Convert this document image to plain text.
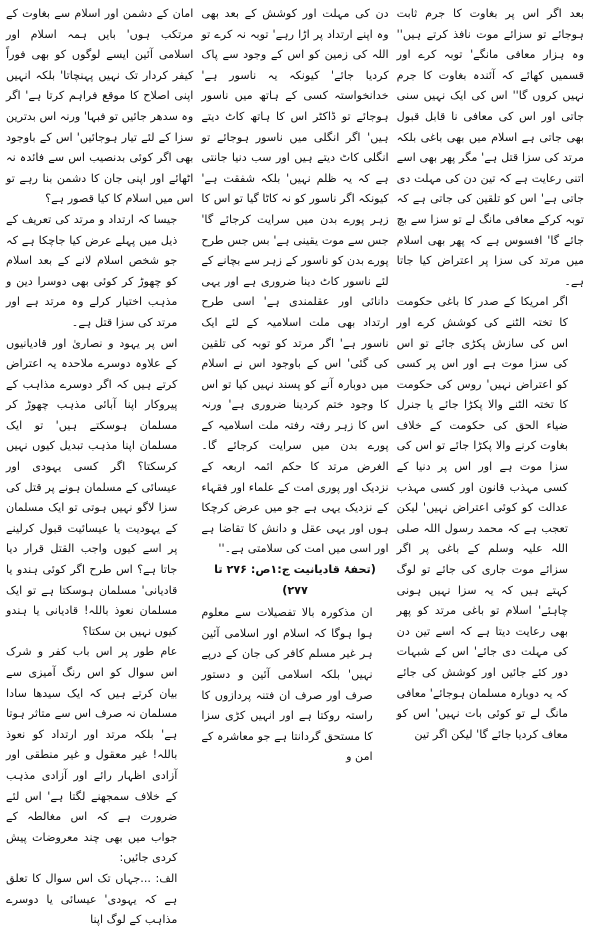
بعد اگر اس پر بغاوت کا جرم ثابت ہوجائے تو سزائے موت نافذ کرتے ہیں'' وہ ہزار معافی مانگے' توبہ کرے اور قسمیں کھائے کہ آئندہ بغاوت کا جرم نہیں کروں گا'' اس کی ایک نہیں سنی جاتی اور اس کی معافی نا قابل قبول بھی جاتی ہے اسلام میں بھی باغی بلکہ مرتد کی سزا قتل ہے' مگر پھر بھی اسے اتنی رعایت ہے کہ تین دن کی مہلت دی جاتی ہے' اس کو تلقین کی جاتی ہے کہ توبہ کرکے معافی مانگ لے تو سزا سے بچ جائے گا' افسوس ہے کہ پھر بھی اسلام میں مرتد کی سزا پر اعتراض کیا جاتا ہے۔

اگر امریکا کے صدر کا باغی حکومت کا تختہ الٹنے کی کوشش کرے اور اس کی سازش پکڑی جائے تو اس کی سزا موت ہے اور اس پر کسی کو اعتراض نہیں' روس کی حکومت کا تختہ الٹنے والا پکڑا جائے یا جنرل ضیاء الحق کی حکومت کے خلاف بغاوت کرنے والا پکڑا جائے تو اس کی سزا موت ہے اور اس پر دنیا کے کسی مہذب قانون اور کسی مہذب عدالت کو کوئی اعتراض نہیں' لیکن تعجب ہے کہ محمد رسول اللہ صلی اللہ علیہ وسلم کے باغی پر اگر سزائے موت جاری کی جائے تو لوگ کہتے ہیں کہ یہ سزا نہیں ہونی چاہئے' اسلام تو باغی مرتد کو پھر بھی رعایت دیتا ہے کہ اسے تین دن کی مہلت دی جائے' اس کے شبہات دور کئے جائیں اور کوشش کی جائے کہ یہ دوبارہ مسلمان ہوجائے' معافی مانگ لے تو کوئی بات نہیں' اس کو معاف کردیا جائے گا' لیکن اگر تین

دن کی مہلت اور کوشش کے بعد بھی وہ اپنے ارتداد پر اڑا رہے' توبہ نہ کرے تو اللہ کی زمین کو اس کے وجود سے پاک کردیا جائے' کیونکہ یہ ناسور ہے' خدانخواستہ کسی کے ہاتھ میں ناسور ہوجائے تو ڈاکٹر اس کا ہاتھ کاٹ دیتے ہیں' اگر انگلی میں ناسور ہوجائے تو انگلی کاٹ دیتے ہیں اور سب دنیا جانتی ہے کہ یہ ظلم نہیں' بلکہ شفقت ہے' کیونکہ اگر ناسور کو نہ کاٹا گیا تو اس کا زہر پورے بدن میں سرایت کرجائے گا' جس سے موت یقینی ہے' بس جس طرح پورے بدن کو ناسور کے زہر سے بچانے کے لئے ناسور کاٹ دینا ضروری ہے اور یہی دانائی اور عقلمندی ہے' اسی طرح ارتداد بھی ملت اسلامیہ کے لئے ایک ناسور ہے' اگر مرتد کو توبہ کی تلقین کی گئی' اس کے باوجود اس نے اسلام میں دوبارہ آنے کو پسند نہیں کیا تو اس کا وجود ختم کردینا ضروری ہے' ورنہ اس کا زہر رفتہ رفتہ ملت اسلامیہ کے پورے بدن میں سرایت کرجائے گا۔ الغرض مرتد کا حکم ائمہ اربعہ کے نزدیک اور پوری امت کے علماء اور فقہاء کے نزدیک یہی ہے جو میں عرض کرچکا ہوں اور یہی عقل و دانش کا تقاضا ہے اور اسی میں امت کی سلامتی ہے۔''

(تحفۂ قادیانیت ج:۱ص: ۲۷۶ تا ۲۷۷)

ان مذکورہ بالا تفصیلات سے معلوم ہوا ہوگا کہ اسلام اور اسلامی آئین ہر غیر مسلم کافر کی جان کے درپے نہیں' بلکہ اسلامی آئین و دستور صرف اور صرف ان فتنہ پردازوں کا راستہ روکتا ہے اور انہیں کڑی سزا کا مستحق گردانتا ہے جو معاشرہ کے امن و

امان کے دشمن اور اسلام سے بغاوت کے مرتکب ہوں' بایں ہمہ اسلام اور اسلامی آئین ایسے لوگوں کو بھی فوراً کیفر کردار تک نہیں پہنچاتا' بلکہ انہیں اپنی اصلاح کا موقع فراہم کرتا ہے' اگر وہ سدھر جائیں تو فبہا' ورنہ اس بدترین سزا کے لئے تیار ہوجائیں' اس کے باوجود بھی اگر کوئی بدنصیب اس سے فائدہ نہ اٹھائے اور اپنی جان کا دشمن بنا رہے تو اس میں اسلام کا کیا قصور ہے؟

جیسا کہ ارتداد و مرتد کی تعریف کے ذیل میں پہلے عرض کیا جاچکا ہے کہ جو شخص اسلام لانے کے بعد اسلام کو چھوڑ کر کوئی بھی دوسرا دین و مذہب اختیار کرلے وہ مرتد ہے اور مرتد کی سزا قتل ہے۔

اس پر یہود و نصاریٰ اور قادیانیوں کے علاوہ دوسرے ملاحدہ یہ اعتراض کرتے ہیں کہ اگر دوسرے مذاہب کے پیروکار اپنا آبائی مذہب چھوڑ کر مسلمان ہوسکتے ہیں' تو ایک مسلمان اپنا مذہب تبدیل کیوں نہیں کرسکتا؟ اگر کسی یہودی اور عیسائی کے مسلمان ہونے پر قتل کی سزا لاگو نہیں ہوتی تو ایک مسلمان کے یہودیت یا عیسائیت قبول کرلینے پر اسے کیوں واجب القتل قرار دیا جاتا ہے؟ اس طرح اگر کوئی ہندو یا قادیانی' مسلمان ہوسکتا ہے تو ایک مسلمان نعوذ باللہ! قادیانی یا ہندو کیوں نہیں بن سکتا؟

عام طور پر اس باب کفر و شرک اس سوال کو اس رنگ آمیزی سے بیان کرتے ہیں کہ ایک سیدھا سادا مسلمان نہ صرف اس سے متاثر ہوتا ہے' بلکہ مرتد اور ارتداد کو نعوذ باللہ! غیر معقول و غیر منطقی اور آزادی اظہار رائے اور آزادی مذہب کے خلاف سمجھنے لگتا ہے' اس لئے ضرورت ہے کہ اس مغالطہ کے جواب میں بھی چند معروضات پیش کردی جائیں:

الف: ...جہاں تک اس سوال کا تعلق ہے کہ یہودی' عیسائی یا دوسرے مذاہب کے لوگ اپنا
